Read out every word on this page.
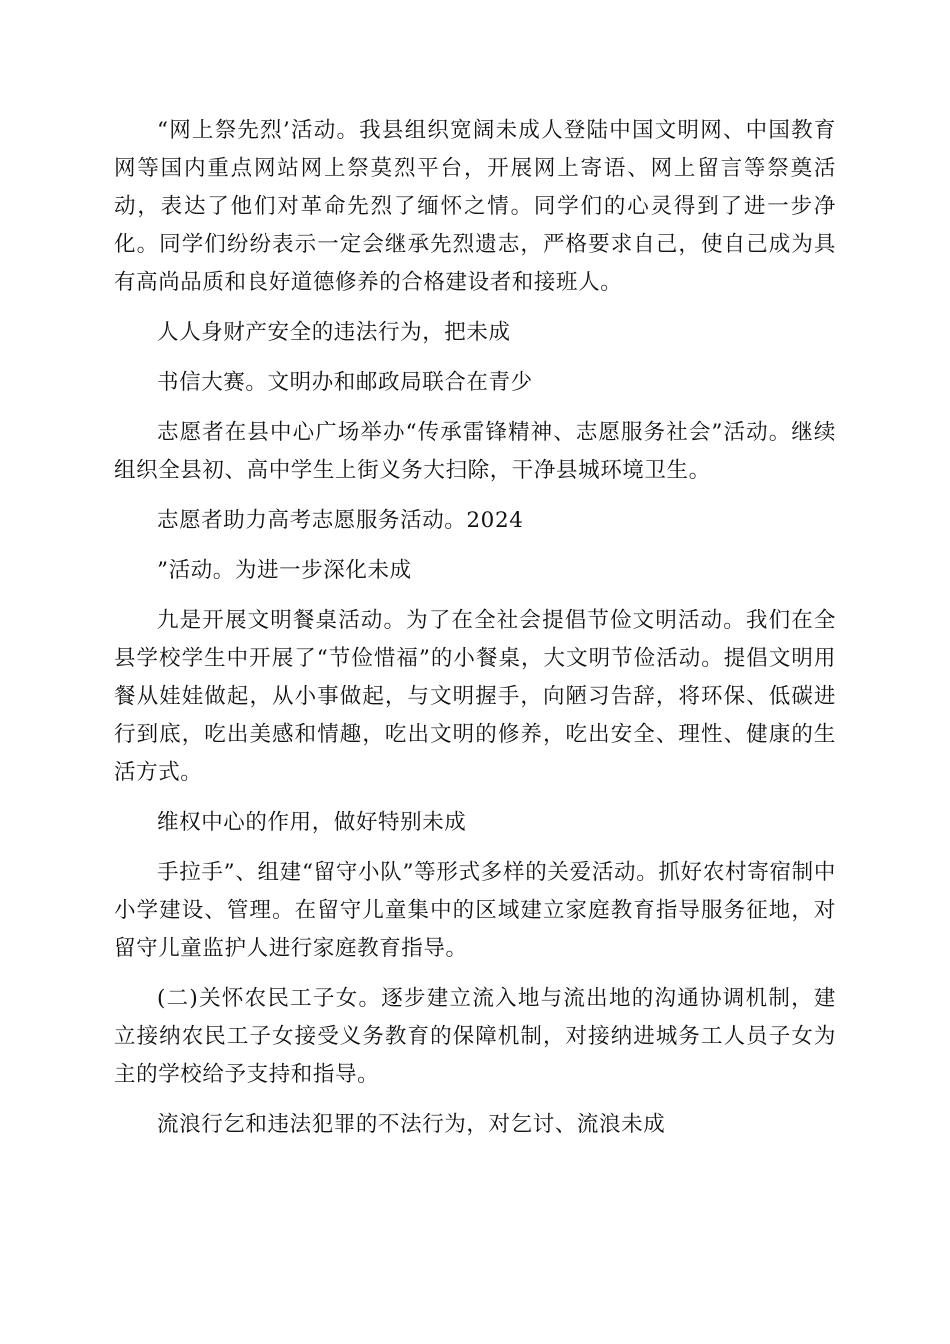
“网上祭先烈’活动。我县组织宽阔未成人登陆中国文明网、中国教育网等国内重点网站网上祭莫烈平台，开展网上寄语、网上留言等祭奠活动，表达了他们对革命先烈了缅怀之情。同学们的心灵得到了进一步净化。同学们纷纷表示一定会继承先烈遗志，严格要求自己，使自己成为具有高尚品质和良好道德修养的合格建设者和接班人。

人人身财产安全的违法行为，把未成

书信大赛。文明办和邮政局联合在青少

志愿者在县中心广场举办“传承雷锋精神、志愿服务社会”活动。继续组织全县初、高中学生上街义务大扫除，干净县城环境卫生。

志愿者助力高考志愿服务活动。2024

”活动。为进一步深化未成

九是开展文明餐桌活动。为了在全社会提倡节俭文明活动。我们在全县学校学生中开展了“节俭惜福”的小餐桌，大文明节俭活动。提倡文明用餐从娃娃做起，从小事做起，与文明握手，向陋习告辞，将环保、低碳进行到底，吃出美感和情趣，吃出文明的修养，吃出安全、理性、健康的生活方式。

维权中心的作用，做好特别未成

手拉手”、组建“留守小队”等形式多样的关爱活动。抓好农村寄宿制中小学建设、管理。在留守儿童集中的区域建立家庭教育指导服务征地，对留守儿童监护人进行家庭教育指导。

(二)关怀农民工子女。逐步建立流入地与流出地的沟通协调机制，建立接纳农民工子女接受义务教育的保障机制，对接纳进城务工人员子女为主的学校给予支持和指导。

流浪行乞和违法犯罪的不法行为，对乞讨、流浪未成
